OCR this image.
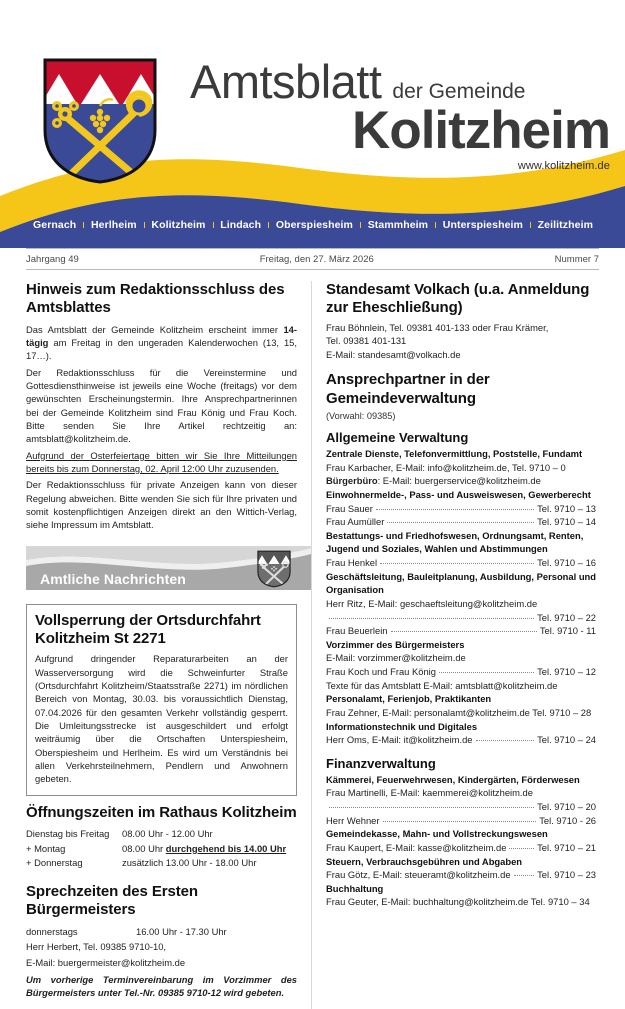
Amtsblatt der Gemeinde
Kolitzheim
www.kolitzheim.de
Gernach Herlheim Kolitzheim Lindach Oberspiesheim Stammheim Unterspiesheim Zeilitzheim
Jahrgang 49	Freitag, den 27. März 2026	Nummer 7
Hinweis zum Redaktionsschluss des Amtsblattes

Das Amtsblatt der Gemeinde Kolitzheim erscheint immer 14-tägig am Freitag in den ungeraden Kalenderwochen (13, 15, 17…).

Der Redaktionsschluss für die Vereinstermine und Gottesdiensthinweise ist jeweils eine Woche (freitags) vor dem gewünschten Erscheinungstermin. Ihre Ansprechpartnerinnen bei der Gemeinde Kolitzheim sind Frau König und Frau Koch. Bitte senden Sie Ihre Artikel rechtzeitig an: amtsblatt@kolitzheim.de.

Aufgrund der Osterfeiertage bitten wir Sie Ihre Mitteilungen bereits bis zum Donnerstag, 02. April 12:00 Uhr zuzusenden.

Der Redaktionsschluss für private Anzeigen kann von dieser Regelung abweichen. Bitte wenden Sie sich für Ihre privaten und somit kostenpflichtigen Anzeigen direkt an den Wittich-Verlag, siehe Impressum im Amtsblatt.

Amtliche Nachrichten
Vollsperrung der Ortsdurchfahrt Kolitzheim St 2271

Aufgrund dringender Reparaturarbeiten an der Wasserversorgung wird die Schweinfurter Straße (Ortsdurchfahrt Kolitzheim/Staatsstraße 2271) im nördlichen Bereich von Montag, 30.03. bis voraussichtlich Dienstag, 07.04.2026 für den gesamten Verkehr vollständig gesperrt. Die Umleitungsstrecke ist ausgeschildert und erfolgt weiträumig über die Ortschaften Unterspiesheim, Oberspiesheim und Herlheim. Es wird um Verständnis bei allen Verkehrsteilnehmern, Pendlern und Anwohnern gebeten.

Öffnungszeiten im Rathaus Kolitzheim
Dienstag bis Freitag	08.00 Uhr - 12.00 Uhr
+ Montag	08.00 Uhr durchgehend bis 14.00 Uhr
+ Donnerstag	zusätzlich 13.00 Uhr - 18.00 Uhr
Sprechzeiten des Ersten Bürgermeisters
donnerstags	16.00 Uhr - 17.30 Uhr
Herr Herbert, Tel. 09385 9710-10,
E-Mail: buergermeister@kolitzheim.de

Um vorherige Terminvereinbarung im Vorzimmer des Bürgermeisters unter Tel.-Nr. 09385 9710-12 wird gebeten.

Standesamt Volkach (u.a. Anmeldung zur Eheschließung)

Frau Böhnlein, Tel. 09381 401-133 oder Frau Krämer,

Tel. 09381 401-131

E-Mail: standesamt@volkach.de

Ansprechpartner in der Gemeindeverwaltung

(Vorwahl: 09385)

Allgemeine Verwaltung

Zentrale Dienste, Telefonvermittlung, Poststelle, Fundamt

Frau Karbacher, E-Mail: info@kolitzheim.de, Tel. 9710 – 0

Bürgerbüro: E-Mail: buergerservice@kolitzheim.de

Einwohnermelde-, Pass- und Ausweiswesen, Gewerberecht

Frau Sauer	Tel. 9710 – 13
Frau Aumüller	Tel. 9710 – 14

Bestattungs- und Friedhofswesen, Ordnungsamt, Renten, Jugend und Soziales, Wahlen und Abstimmungen

Frau Henkel	Tel. 9710 – 16

Geschäftsleitung, Bauleitplanung, Ausbildung, Personal und Organisation

Herr Ritz, E-Mail: geschaeftsleitung@kolitzheim.de

Tel. 9710 – 22
Frau Beuerlein	Tel. 9710 - 11

Vorzimmer des Bürgermeisters

E-Mail: vorzimmer@kolitzheim.de

Frau Koch und Frau König	Tel. 9710 – 12

Texte für das Amtsblatt E-Mail: amtsblatt@kolitzheim.de

Personalamt, Ferienjob, Praktikanten

Frau Zehner, E-Mail: personalamt@kolitzheim.de Tel. 9710 – 28

Informationstechnik und Digitales

Herr Oms, E-Mail: it@kolitzheim.de	Tel. 9710 – 24
Finanzverwaltung

Kämmerei, Feuerwehrwesen, Kindergärten, Förderwesen

Frau Martinelli, E-Mail: kaemmerei@kolitzheim.de

Tel. 9710 – 20
Herr Wehner	Tel. 9710 - 26

Gemeindekasse, Mahn- und Vollstreckungswesen

Frau Kaupert, E-Mail: kasse@kolitzheim.de	Tel. 9710 – 21

Steuern, Verbrauchsgebühren und Abgaben

Frau Götz, E-Mail: steueramt@kolitzheim.de	Tel. 9710 – 23

Buchhaltung

Frau Geuter, E-Mail: buchhaltung@kolitzheim.de Tel. 9710 – 34
